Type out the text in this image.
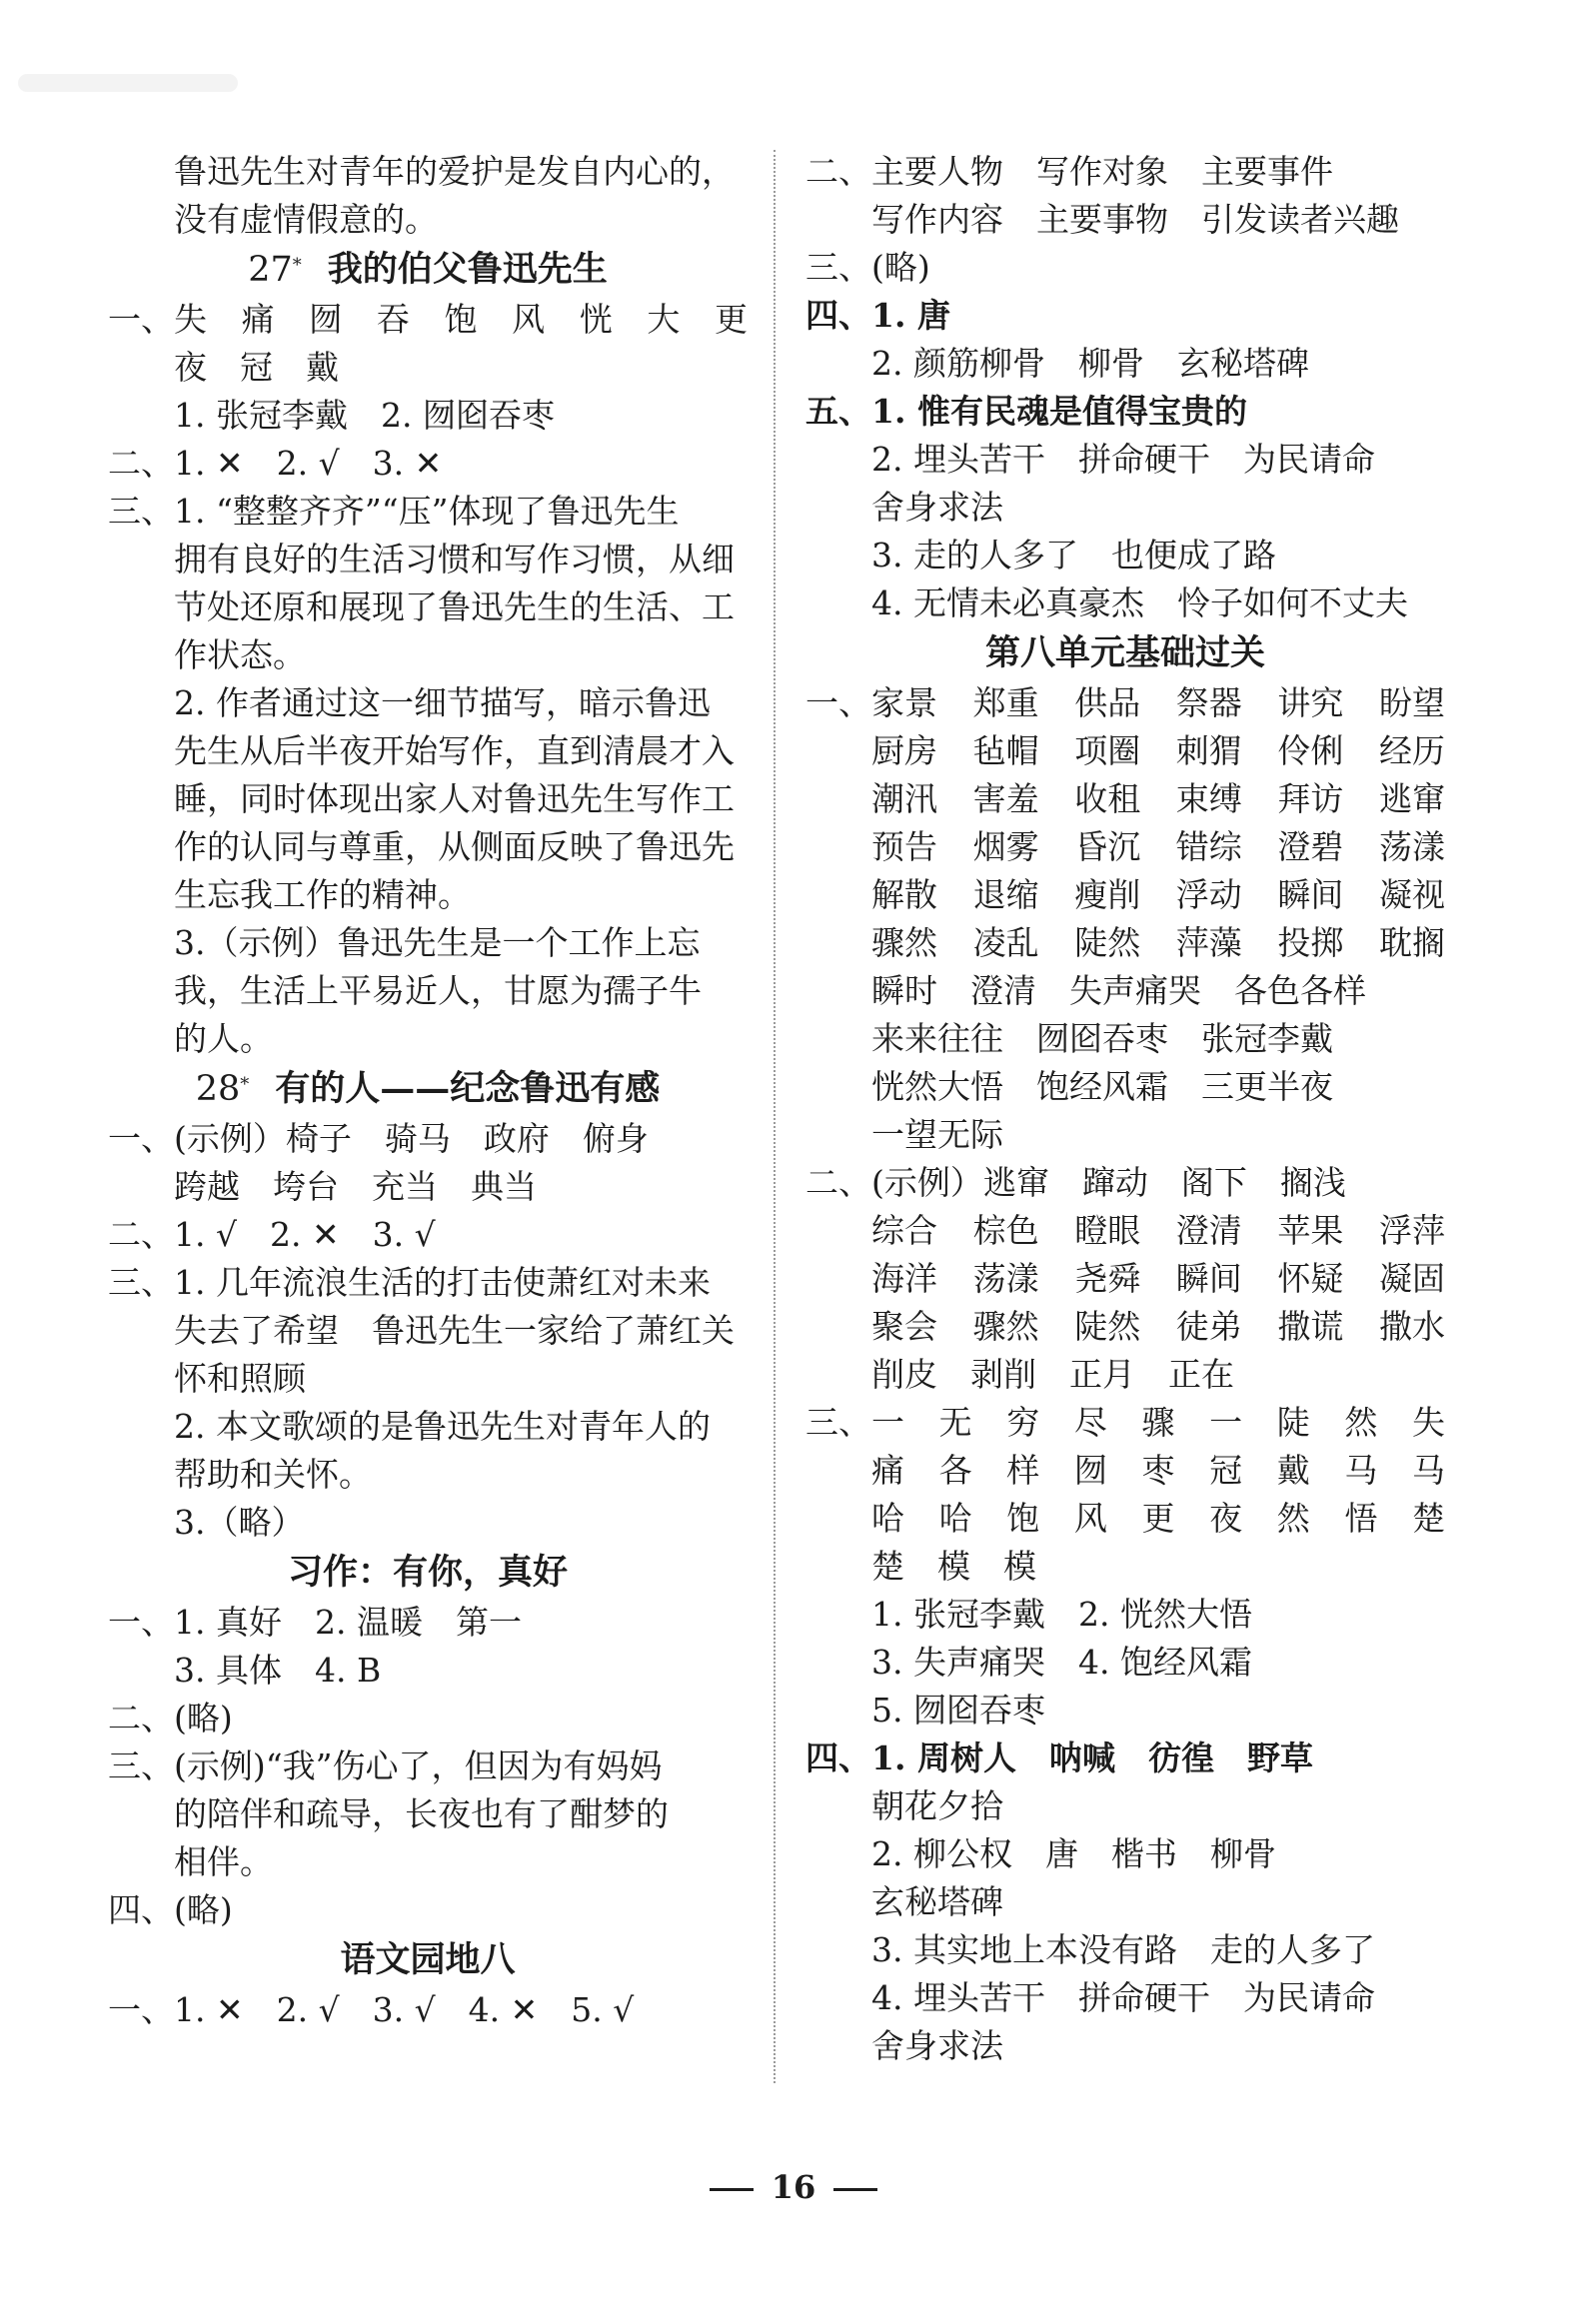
鲁迅先生对青年的爱护是发自内心的，
没有虚情假意的。
27* 我的伯父鲁迅先生
一、失 痛 囫 吞 饱 风 恍 大 更
夜　冠　戴
1. 张冠李戴　2. 囫囵吞枣
二、1. ✕　2. √　3. ✕
三、1. “整整齐齐”“压”体现了鲁迅先生
拥有良好的生活习惯和写作习惯，从细
节处还原和展现了鲁迅先生的生活、工
作状态。
2. 作者通过这一细节描写，暗示鲁迅
先生从后半夜开始写作，直到清晨才入
睡，同时体现出家人对鲁迅先生写作工
作的认同与尊重，从侧面反映了鲁迅先
生忘我工作的精神。
3.（示例）鲁迅先生是一个工作上忘
我，生活上平易近人，甘愿为孺子牛
的人。
28* 有的人——纪念鲁迅有感
一、(示例）椅子　骑马　政府　俯身
跨越　垮台　充当　典当
二、1. √　2. ✕　3. √
三、1. 几年流浪生活的打击使萧红对未来
失去了希望　鲁迅先生一家给了萧红关
怀和照顾
2. 本文歌颂的是鲁迅先生对青年人的
帮助和关怀。
3.（略）
习作：有你，真好
一、1. 真好　2. 温暖　第一
3. 具体　4. B
二、(略)
三、(示例)“我”伤心了，但因为有妈妈
的陪伴和疏导，长夜也有了酣梦的
相伴。
四、(略)
语文园地八
一、1. ✕　2. √　3. √　4. ✕　5. √
二、主要人物　写作对象　主要事件
写作内容　主要事物　引发读者兴趣
三、(略)
四、1. 唐
2. 颜筋柳骨　柳骨　玄秘塔碑
五、1. 惟有民魂是值得宝贵的
2. 埋头苦干　拼命硬干　为民请命
舍身求法
3. 走的人多了　也便成了路
4. 无情未必真豪杰　怜子如何不丈夫
第八单元基础过关
一、家景 郑重 供品 祭器 讲究 盼望
厨房 毡帽 项圈 刺猬 伶俐 经历
潮汛 害羞 收租 束缚 拜访 逃窜
预告 烟雾 昏沉 错综 澄碧 荡漾
解散 退缩 瘦削 浮动 瞬间 凝视
骤然 凌乱 陡然 萍藻 投掷 耽搁
瞬时　澄清　失声痛哭　各色各样
来来往往　囫囵吞枣　张冠李戴
恍然大悟　饱经风霜　三更半夜
一望无际
二、(示例）逃窜　蹿动　阁下　搁浅
综合 棕色 瞪眼 澄清 苹果 浮萍
海洋 荡漾 尧舜 瞬间 怀疑 凝固
聚会 骤然 陡然 徒弟 撒谎 撒水
削皮　剥削　正月　正在
三、一 无 穷 尽 骤 一 陡 然 失
痛 各 样 囫 枣 冠 戴 马 马
哈 哈 饱 风 更 夜 然 悟 楚
楚　模　模
1. 张冠李戴　2. 恍然大悟
3. 失声痛哭　4. 饱经风霜
5. 囫囵吞枣
四、1. 周树人　呐喊　彷徨　野草
朝花夕拾
2. 柳公权　唐　楷书　柳骨
玄秘塔碑
3. 其实地上本没有路　走的人多了
4. 埋头苦干　拼命硬干　为民请命
舍身求法
16
